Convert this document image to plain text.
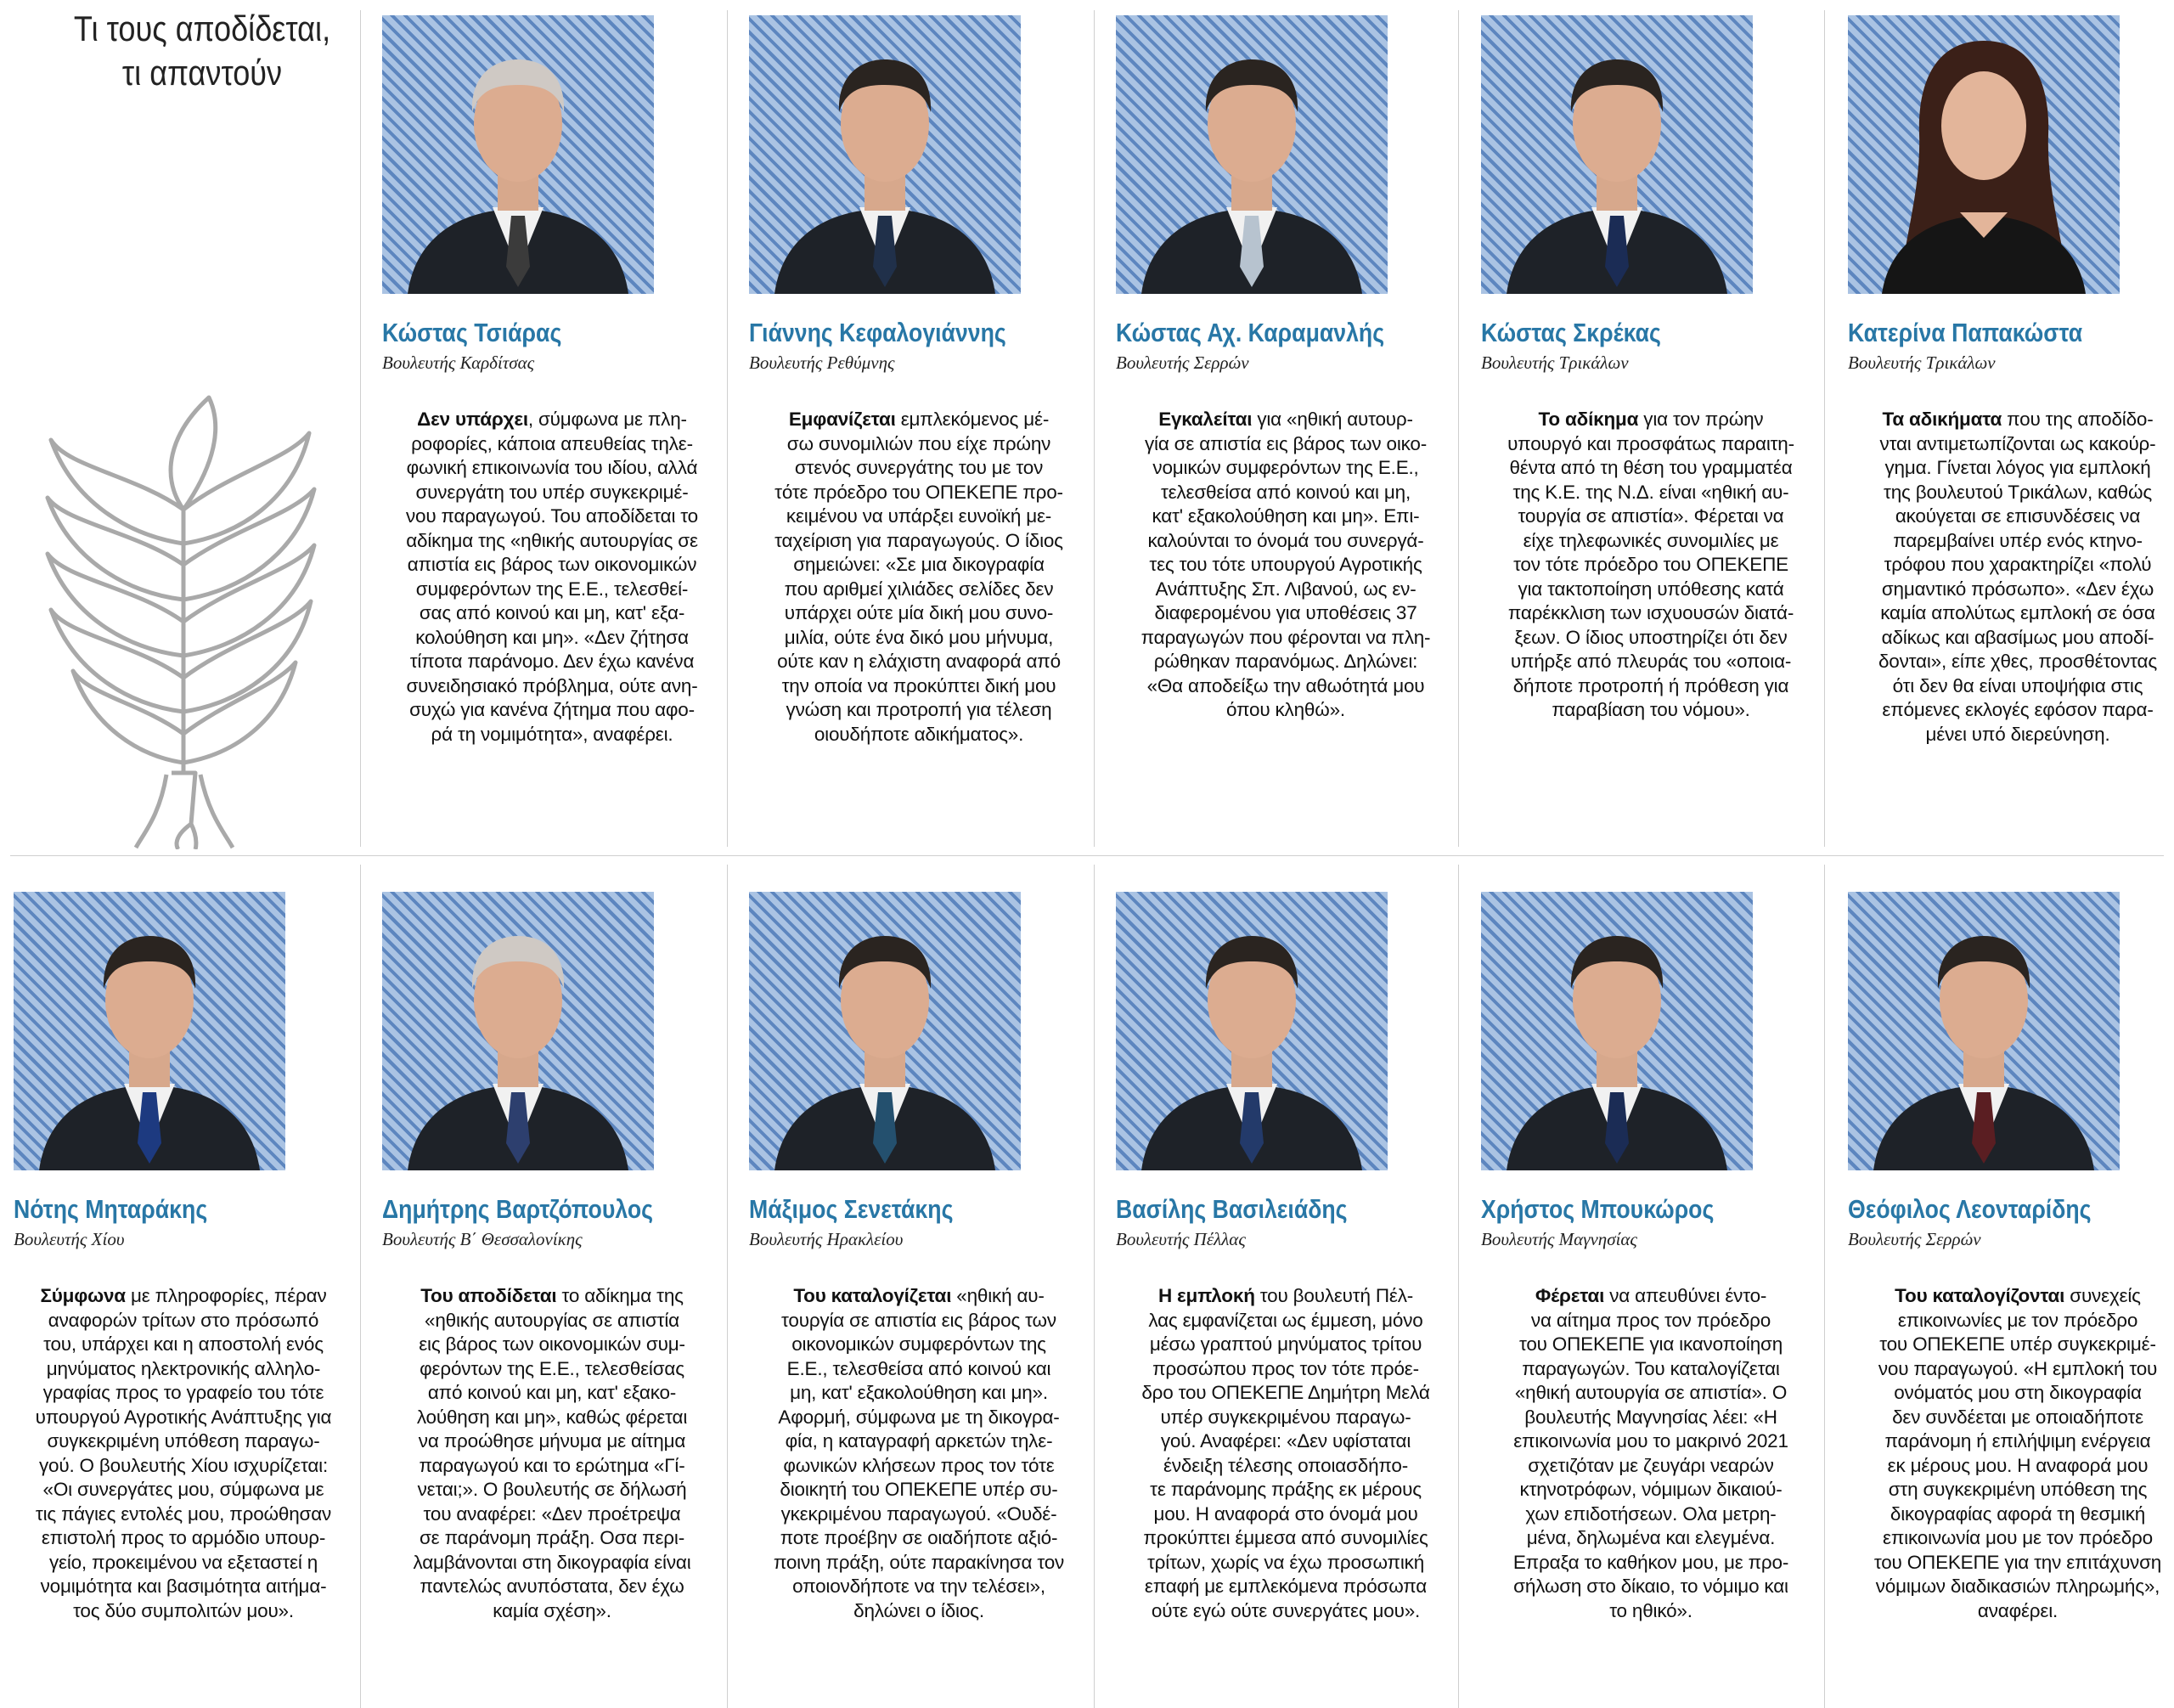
Τι τους αποδίδεται,
τι απαντούν
Κώστας Τσιάρας
Βουλευτής Καρδίτσας
Δεν υπάρχει, σύμφωνα με πλη-
ροφορίες, κάποια απευθείας τηλε-
φωνική επικοινωνία του ιδίου, αλλά
συνεργάτη του υπέρ συγκεκριμέ-
νου παραγωγού. Του αποδίδεται το
αδίκημα της «ηθικής αυτουργίας σε
απιστία εις βάρος των οικονομικών
συμφερόντων της Ε.Ε., τελεσθεί-
σας από κοινού και μη, κατ' εξα-
κολούθηση και μη». «Δεν ζήτησα
τίποτα παράνομο. Δεν έχω κανένα
συνειδησιακό πρόβλημα, ούτε ανη-
συχώ για κανένα ζήτημα που αφο-
ρά τη νομιμότητα», αναφέρει.
Γιάννης Κεφαλογιάννης
Βουλευτής Ρεθύμνης
Εμφανίζεται εμπλεκόμενος μέ-
σω συνομιλιών που είχε πρώην
στενός συνεργάτης του με τον
τότε πρόεδρο του ΟΠΕΚΕΠΕ προ-
κειμένου να υπάρξει ευνοϊκή με-
ταχείριση για παραγωγούς. Ο ίδιος
σημειώνει: «Σε μια δικογραφία
που αριθμεί χιλιάδες σελίδες δεν
υπάρχει ούτε μία δική μου συνο-
μιλία, ούτε ένα δικό μου μήνυμα,
ούτε καν η ελάχιστη αναφορά από
την οποία να προκύπτει δική μου
γνώση και προτροπή για τέλεση
οιουδήποτε αδικήματος».
Κώστας Αχ. Καραμανλής
Βουλευτής Σερρών
Εγκαλείται για «ηθική αυτουρ-
γία σε απιστία εις βάρος των οικο-
νομικών συμφερόντων της Ε.Ε.,
τελεσθείσα από κοινού και μη,
κατ' εξακολούθηση και μη». Επι-
καλούνται το όνομά του συνεργά-
τες του τότε υπουργού Αγροτικής
Ανάπτυξης Σπ. Λιβανού, ως εν-
διαφερομένου για υποθέσεις 37
παραγωγών που φέρονται να πλη-
ρώθηκαν παρανόμως. Δηλώνει:
«Θα αποδείξω την αθωότητά μου
όπου κληθώ».
Κώστας Σκρέκας
Βουλευτής Τρικάλων
Το αδίκημα για τον πρώην
υπουργό και προσφάτως παραιτη-
θέντα από τη θέση του γραμματέα
της Κ.Ε. της Ν.Δ. είναι «ηθική αυ-
τουργία σε απιστία». Φέρεται να
είχε τηλεφωνικές συνομιλίες με
τον τότε πρόεδρο του ΟΠΕΚΕΠΕ
για τακτοποίηση υπόθεσης κατά
παρέκκλιση των ισχυουσών διατά-
ξεων. Ο ίδιος υποστηρίζει ότι δεν
υπήρξε από πλευράς του «οποια-
δήποτε προτροπή ή πρόθεση για
παραβίαση του νόμου».
Κατερίνα Παπακώστα
Βουλευτής Τρικάλων
Τα αδικήματα που της αποδίδο-
νται αντιμετωπίζονται ως κακούρ-
γημα. Γίνεται λόγος για εμπλοκή
της βουλευτού Τρικάλων, καθώς
ακούγεται σε επισυνδέσεις να
παρεμβαίνει υπέρ ενός κτηνο-
τρόφου που χαρακτηρίζει «πολύ
σημαντικό πρόσωπο». «Δεν έχω
καμία απολύτως εμπλοκή σε όσα
αδίκως και αβασίμως μου αποδί-
δονται», είπε χθες, προσθέτοντας
ότι δεν θα είναι υποψήφια στις
επόμενες εκλογές εφόσον παρα-
μένει υπό διερεύνηση.
Νότης Μηταράκης
Βουλευτής Χίου
Σύμφωνα με πληροφορίες, πέραν
αναφορών τρίτων στο πρόσωπό
του, υπάρχει και η αποστολή ενός
μηνύματος ηλεκτρονικής αλληλο-
γραφίας προς το γραφείο του τότε
υπουργού Αγροτικής Ανάπτυξης για
συγκεκριμένη υπόθεση παραγω-
γού. Ο βουλευτής Χίου ισχυρίζεται:
«Οι συνεργάτες μου, σύμφωνα με
τις πάγιες εντολές μου, προώθησαν
επιστολή προς το αρμόδιο υπουρ-
γείο, προκειμένου να εξεταστεί η
νομιμότητα και βασιμότητα αιτήμα-
τος δύο συμπολιτών μου».
Δημήτρης Βαρτζόπουλος
Βουλευτής Β΄ Θεσσαλονίκης
Του αποδίδεται το αδίκημα της
«ηθικής αυτουργίας σε απιστία
εις βάρος των οικονομικών συμ-
φερόντων της Ε.Ε., τελεσθείσας
από κοινού και μη, κατ' εξακο-
λούθηση και μη», καθώς φέρεται
να προώθησε μήνυμα με αίτημα
παραγωγού και το ερώτημα «Γί-
νεται;». Ο βουλευτής σε δήλωσή
του αναφέρει: «Δεν προέτρεψα
σε παράνομη πράξη. Οσα περι-
λαμβάνονται στη δικογραφία είναι
παντελώς ανυπόστατα, δεν έχω
καμία σχέση».
Μάξιμος Σενετάκης
Βουλευτής Ηρακλείου
Του καταλογίζεται «ηθική αυ-
τουργία σε απιστία εις βάρος των
οικονομικών συμφερόντων της
Ε.Ε., τελεσθείσα από κοινού και
μη, κατ' εξακολούθηση και μη».
Αφορμή, σύμφωνα με τη δικογρα-
φία, η καταγραφή αρκετών τηλε-
φωνικών κλήσεων προς τον τότε
διοικητή του ΟΠΕΚΕΠΕ υπέρ συ-
γκεκριμένου παραγωγού. «Ουδέ-
ποτε προέβην σε οιαδήποτε αξιό-
ποινη πράξη, ούτε παρακίνησα τον
οποιονδήποτε να την τελέσει»,
δηλώνει ο ίδιος.
Βασίλης Βασιλειάδης
Βουλευτής Πέλλας
Η εμπλοκή του βουλευτή Πέλ-
λας εμφανίζεται ως έμμεση, μόνο
μέσω γραπτού μηνύματος τρίτου
προσώπου προς τον τότε πρόε-
δρο του ΟΠΕΚΕΠΕ Δημήτρη Μελά
υπέρ συγκεκριμένου παραγω-
γού. Αναφέρει: «Δεν υφίσταται
ένδειξη τέλεσης οποιασδήπο-
τε παράνομης πράξης εκ μέρους
μου. Η αναφορά στο όνομά μου
προκύπτει έμμεσα από συνομιλίες
τρίτων, χωρίς να έχω προσωπική
επαφή με εμπλεκόμενα πρόσωπα
ούτε εγώ ούτε συνεργάτες μου».
Χρήστος Μπουκώρος
Βουλευτής Μαγνησίας
Φέρεται να απευθύνει έντο-
να αίτημα προς τον πρόεδρο
του ΟΠΕΚΕΠΕ για ικανοποίηση
παραγωγών. Του καταλογίζεται
«ηθική αυτουργία σε απιστία». Ο
βουλευτής Μαγνησίας λέει: «Η
επικοινωνία μου το μακρινό 2021
σχετιζόταν με ζευγάρι νεαρών
κτηνοτρόφων, νόμιμων δικαιού-
χων επιδοτήσεων. Ολα μετρη-
μένα, δηλωμένα και ελεγμένα.
Επραξα το καθήκον μου, με προ-
σήλωση στο δίκαιο, το νόμιμο και
το ηθικό».
Θεόφιλος Λεονταρίδης
Βουλευτής Σερρών
Του καταλογίζονται συνεχείς
επικοινωνίες με τον πρόεδρο
του ΟΠΕΚΕΠΕ υπέρ συγκεκριμέ-
νου παραγωγού. «Η εμπλοκή του
ονόματός μου στη δικογραφία
δεν συνδέεται με οποιαδήποτε
παράνομη ή επιλήψιμη ενέργεια
εκ μέρους μου. Η αναφορά μου
στη συγκεκριμένη υπόθεση της
δικογραφίας αφορά τη θεσμική
επικοινωνία μου με τον πρόεδρο
του ΟΠΕΚΕΠΕ για την επιτάχυνση
νόμιμων διαδικασιών πληρωμής»,
αναφέρει.
